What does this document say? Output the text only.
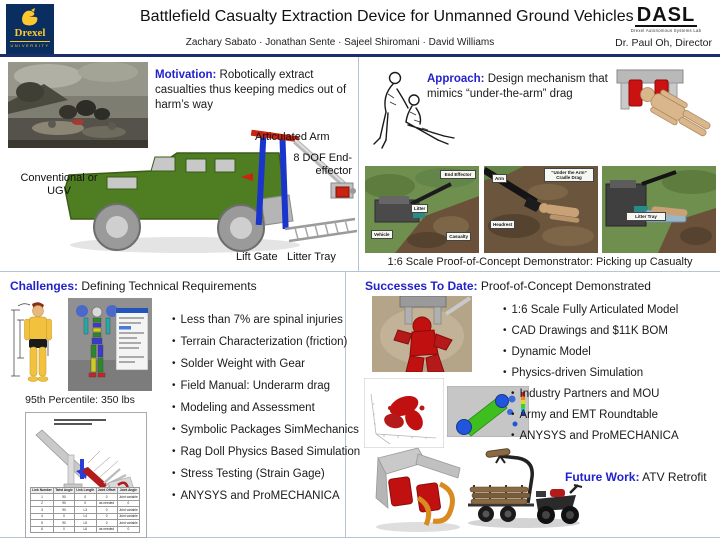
Drexel
UNIVERSITY
Battlefield Casualty Extraction Device for Unmanned Ground Vehicles
Zachary Sabato · Jonathan Sente · Sajeel Shiromani · David Williams
DASL
Drexel Autonomous Systems Lab
Dr. Paul Oh, Director
Motivation: Robotically extract casualties thus keeping medics out of harm’s way
Articulated Arm
8 DOF End-effector
Conventional or UGV
Lift Gate Litter Tray
Approach: Design mechanism that mimics “under-the-arm” drag
End Effector
Litter
Vehicle	Casualty
Arm
“Under the Arm” Cradle Drag
Headrest
Litter Tray
1:6 Scale Proof-of-Concept Demonstrator: Picking up Casualty
Challenges: Defining Technical Requirements
95th Percentile: 350 lbs
Link Number	Twist Angle	Link Length	Joint Offset	Joint Angle
1	90	0	0	Joint variable
2	90	0	as needed	0
3	90	L3	0	Joint variable
4	0	L4	0	Joint variable
5	90	L5	0	Joint variable
6	0	L6	as needed	0
• Less than 7% are spinal injuries
• Terrain Characterization (friction)
• Solder Weight with Gear
• Field Manual: Underarm drag
• Modeling and Assessment
• Symbolic Packages SimMechanics
• Rag Doll Physics Based Simulation
• Stress Testing (Strain Gage)
• ANYSYS and ProMECHANICA
Successes To Date: Proof-of-Concept Demonstrated
• 1:6 Scale Fully Articulated Model
• CAD Drawings and $11K BOM
• Dynamic Model
• Physics-driven Simulation
• Industry Partners and MOU
• Army and EMT Roundtable
• ANYSYS and ProMECHANICA
Future Work: ATV Retrofit
